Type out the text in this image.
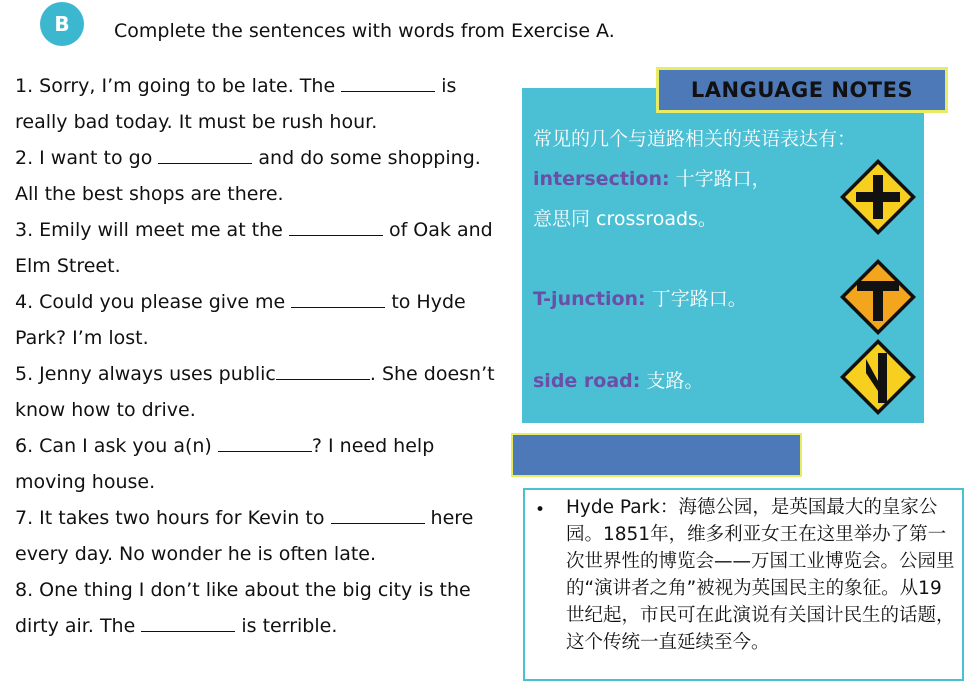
B	Complete the sentences with words from Exercise A.

1. Sorry, I’m going to be late. The	is

really bad today. It must be rush hour.

2. I want to go	and do some shopping.

All the best shops are there.

3. Emily will meet me at the	of Oak and

Elm Street.

4. Could you please give me	to Hyde

Park? I’m lost.

5. Jenny always uses public	. She doesn’t

know how to drive.

6. Can I ask you a(n)	? I need help

moving house.

7. It takes two hours for Kevin to	here

every day. No wonder he is often late.

8. One thing I don’t like about the big city is the

dirty air. The	is terrible.

LANGUAGE NOTES
常见的几个与道路相关的英语表达有：
intersection: 十字路口，
意思同 crossroads。
T-junction: 丁字路口。
side road: 支路。
• Hyde Park：海德公园，是英国最大的皇家公园。1851年，维多利亚女王在这里举办了第一次世界性的博览会——万国工业博览会。公园里的“演讲者之角”被视为英国民主的象征。从19世纪起，市民可在此演说有关国计民生的话题，这个传统一直延续至今。
